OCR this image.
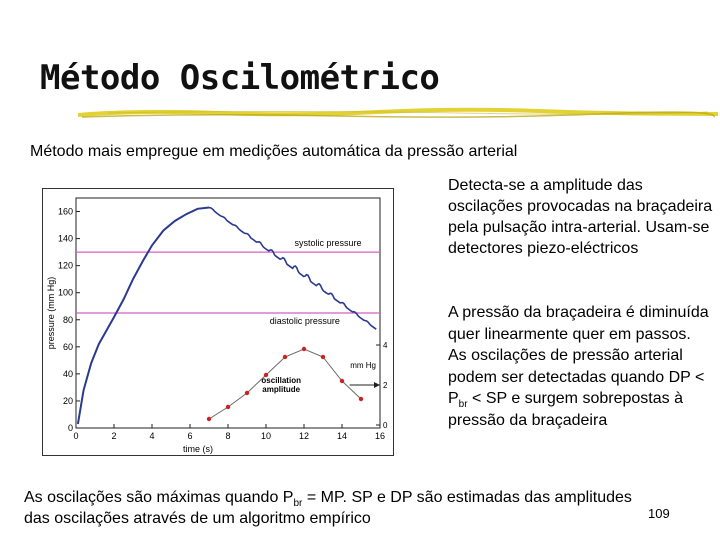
Método Oscilométrico
Método mais empregue em medições automática da pressão arterial
0
20
40
60
80
100
120
140
160
0	2	4	6	8	10	12	14	16
time (s)
pressure (mm Hg)
systolic pressure
diastolic pressure
oscillation
amplitude
4
2
0
mm Hg
Detecta-se a amplitude das oscilações provocadas na braçadeira pela pulsação intra-arterial. Usam-se detectores piezo-eléctricos
A pressão da braçadeira é diminuída quer linearmente quer em passos. As oscilações de pressão arterial podem ser detectadas quando DP < $P_{br}$ < SP e surgem sobrepostas à pressão da braçadeira
As oscilações são máximas quando $P_{br}$ = MP. SP e DP são estimadas das amplitudes das oscilações através de um algoritmo empírico	109
